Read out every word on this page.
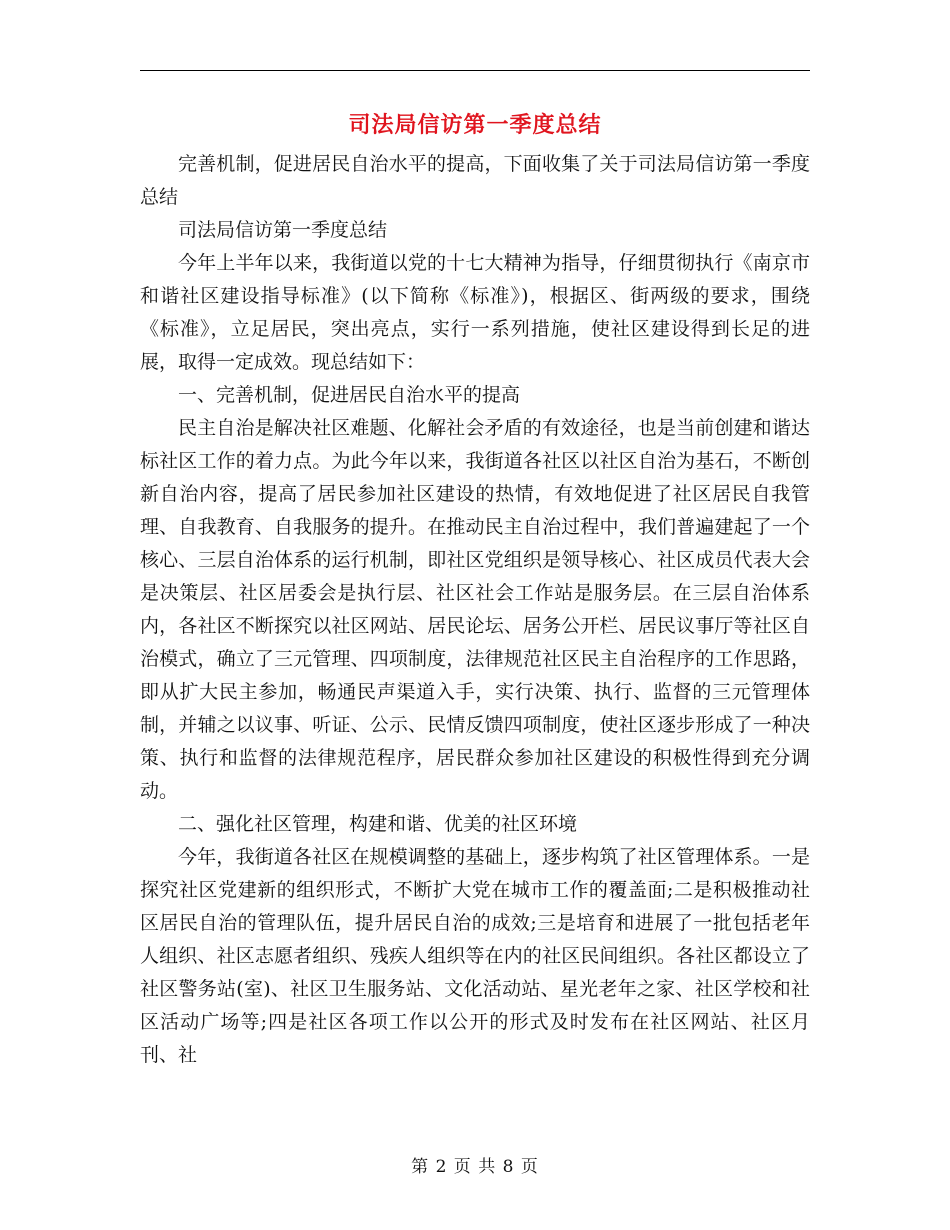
司法局信访第一季度总结

完善机制，促进居民自治水平的提高，下面收集了关于司法局信访第一季度总结

司法局信访第一季度总结

今年上半年以来，我街道以党的十七大精神为指导，仔细贯彻执行《南京市和谐社区建设指导标准》(以下简称《标准》)，根据区、街两级的要求，围绕《标准》，立足居民，突出亮点，实行一系列措施，使社区建设得到长足的进展，取得一定成效。现总结如下：

一、完善机制，促进居民自治水平的提高

民主自治是解决社区难题、化解社会矛盾的有效途径，也是当前创建和谐达标社区工作的着力点。为此今年以来，我街道各社区以社区自治为基石，不断创新自治内容，提高了居民参加社区建设的热情，有效地促进了社区居民自我管理、自我教育、自我服务的提升。在推动民主自治过程中，我们普遍建起了一个核心、三层自治体系的运行机制，即社区党组织是领导核心、社区成员代表大会是决策层、社区居委会是执行层、社区社会工作站是服务层。在三层自治体系内，各社区不断探究以社区网站、居民论坛、居务公开栏、居民议事厅等社区自治模式，确立了三元管理、四项制度，法律规范社区民主自治程序的工作思路，即从扩大民主参加，畅通民声渠道入手，实行决策、执行、监督的三元管理体制，并辅之以议事、听证、公示、民情反馈四项制度，使社区逐步形成了一种决策、执行和监督的法律规范程序，居民群众参加社区建设的积极性得到充分调动。

二、强化社区管理，构建和谐、优美的社区环境

今年，我街道各社区在规模调整的基础上，逐步构筑了社区管理体系。一是探究社区党建新的组织形式，不断扩大党在城市工作的覆盖面;二是积极推动社区居民自治的管理队伍，提升居民自治的成效;三是培育和进展了一批包括老年人组织、社区志愿者组织、残疾人组织等在内的社区民间组织。各社区都设立了社区警务站(室)、社区卫生服务站、文化活动站、星光老年之家、社区学校和社区活动广场等;四是社区各项工作以公开的形式及时发布在社区网站、社区月刊、社

第 2 页 共 8 页
